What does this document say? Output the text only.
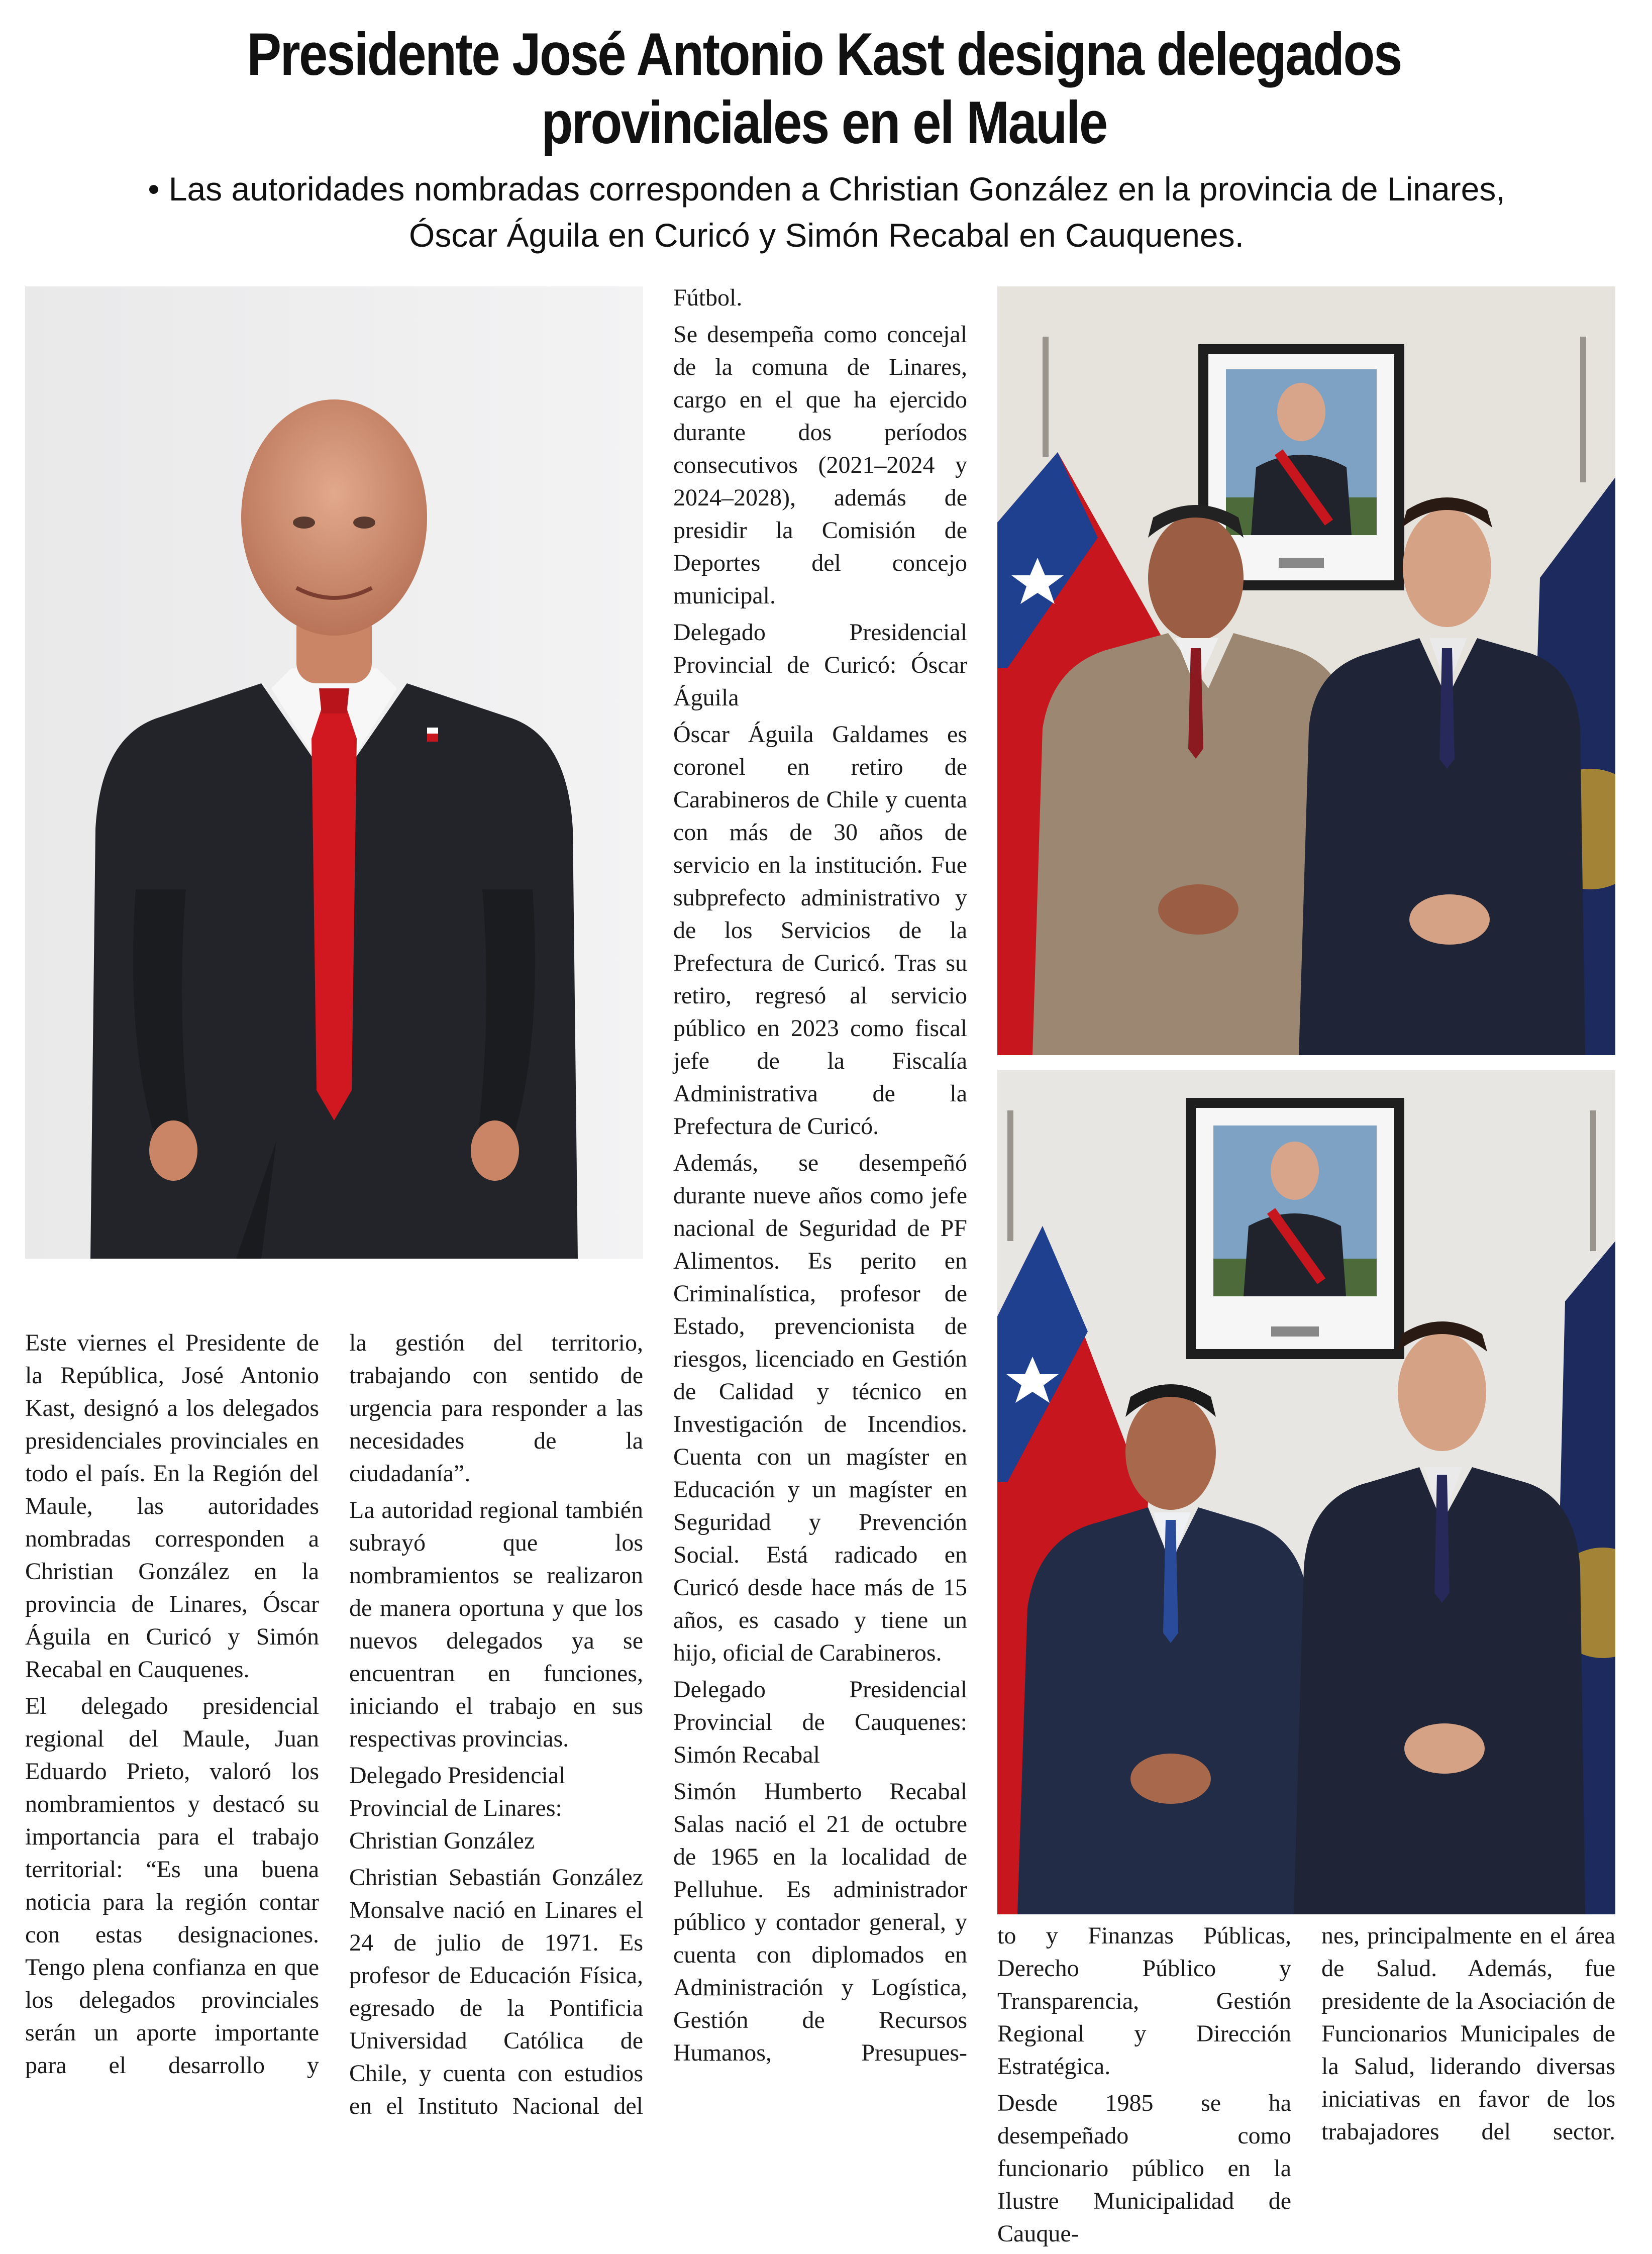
Presidente José Antonio Kast designa delegados
provinciales en el Maule
• Las autoridades nombradas corresponden a Christian González en la provincia de Linares,
Óscar Águila en Curicó y Simón Recabal en Cauquenes.

Este viernes el Presidente de la República, José Antonio Kast, designó a los delegados presidenciales provinciales en todo el país. En la Región del Maule, las autoridades nombradas corresponden a Christian González en la provincia de Linares, Óscar Águila en Curicó y Simón Recabal en Cauquenes.

El delegado presidencial regional del Maule, Juan Eduardo Prieto, valoró los nombramientos y destacó su importancia para el trabajo territorial: “Es una buena noticia para la región contar con estas designaciones. Tengo plena confianza en que los delegados provinciales serán un aporte importante para el desarrollo y

la gestión del territorio, trabajando con sentido de urgencia para responder a las necesidades de la ciudadanía”.

La autoridad regional también subrayó que los nombramientos se realizaron de manera oportuna y que los nuevos delegados ya se encuentran en funciones, iniciando el trabajo en sus respectivas provincias.

Delegado Presidencial Provincial de Linares: Christian González

Christian Sebastián González Monsalve nació en Linares el 24 de julio de 1971. Es profesor de Educación Física, egresado de la Pontificia Universidad Católica de Chile, y cuenta con estudios en el Instituto Nacional del

Fútbol.

Se desempeña como concejal de la comuna de Linares, cargo en el que ha ejercido durante dos períodos consecutivos (2021–2024 y 2024–2028), además de presidir la Comisión de Deportes del concejo municipal.

Delegado Presidencial Provincial de Curicó: Óscar Águila

Óscar Águila Galdames es coronel en retiro de Carabineros de Chile y cuenta con más de 30 años de servicio en la institución. Fue subprefecto administrativo y de los Servicios de la Prefectura de Curicó. Tras su retiro, regresó al servicio público en 2023 como fiscal jefe de la Fiscalía Administrativa de la Prefectura de Curicó.

Además, se desempeñó durante nueve años como jefe nacional de Seguridad de PF Alimentos. Es perito en Criminalística, profesor de Estado, prevencionista de riesgos, licenciado en Gestión de Calidad y técnico en Investigación de Incendios. Cuenta con un magíster en Educación y un magíster en Seguridad y Prevención Social. Está radicado en Curicó desde hace más de 15 años, es casado y tiene un hijo, oficial de Carabineros.

Delegado Presidencial Provincial de Cauquenes: Simón Recabal

Simón Humberto Recabal Salas nació el 21 de octubre de 1965 en la localidad de Pelluhue. Es administrador público y contador general, y cuenta con diplomados en Administración y Logística, Gestión de Recursos Humanos, Presupues-

to y Finanzas Públicas, Derecho Público y Transparencia, Gestión Regional y Dirección Estratégica.

Desde 1985 se ha desempeñado como funcionario público en la Ilustre Municipalidad de Cauque-

nes, principalmente en el área de Salud. Además, fue presidente de la Asociación de Funcionarios Municipales de la Salud, liderando diversas iniciativas en favor de los trabajadores del sector.
